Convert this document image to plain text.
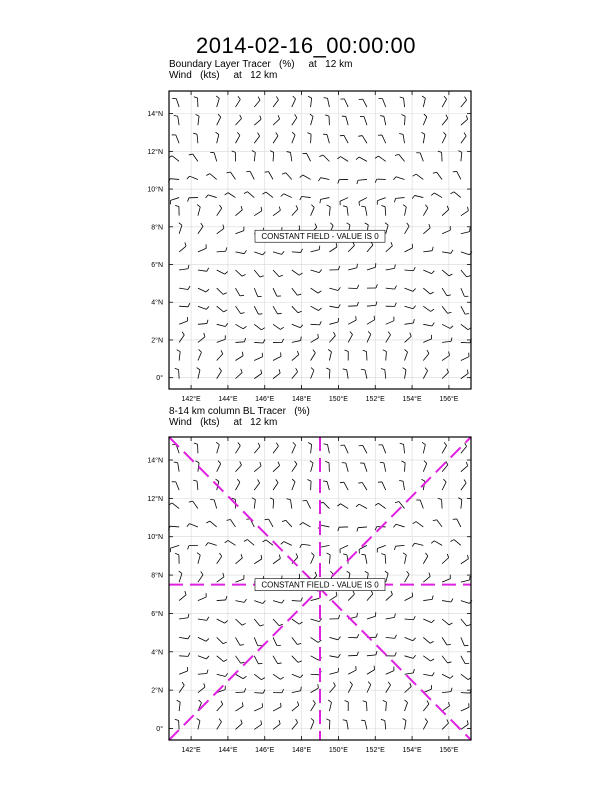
2014-02-16_00:00:00
Boundary Layer Tracer   (%)     at   12 km
Wind   (kts)     at   12 km
8-14 km column BL Tracer   (%)
Wind   (kts)     at   12 km
CONSTANT FIELD - VALUE IS 0
142°E	144°E	146°E	148°E	150°E	152°E	154°E	156°E
0°
2°N
4°N
6°N
8°N
10°N
12°N
14°N
CONSTANT FIELD - VALUE IS 0
142°E	144°E	146°E	148°E	150°E	152°E	154°E	156°E
0°
2°N
4°N
6°N
8°N
10°N
12°N
14°N
